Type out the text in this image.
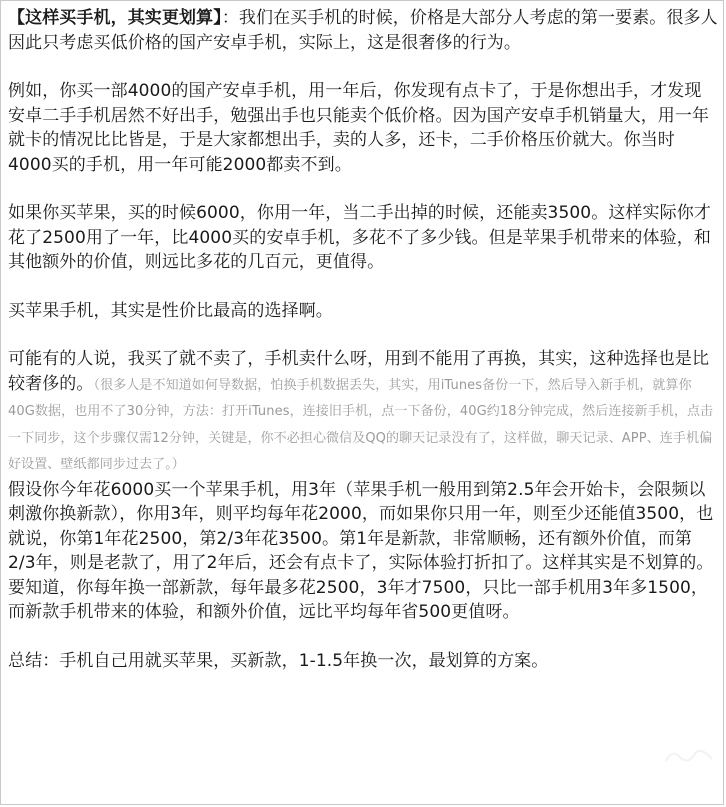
【这样买手机，其实更划算】：我们在买手机的时候，价格是大部分人考虑的第一要素。很多人因此只考虑买低价格的国产安卓手机，实际上，这是很奢侈的行为。

例如，你买一部4000的国产安卓手机，用一年后，你发现有点卡了，于是你想出手，才发现安卓二手手机居然不好出手，勉强出手也只能卖个低价格。因为国产安卓手机销量大，用一年就卡的情况比比皆是，于是大家都想出手，卖的人多，还卡，二手价格压价就大。你当时4000买的手机，用一年可能2000都卖不到。

如果你买苹果，买的时候6000，你用一年，当二手出掉的时候，还能卖3500。这样实际你才花了2500用了一年，比4000买的安卓手机，多花不了多少钱。但是苹果手机带来的体验，和其他额外的价值，则远比多花的几百元，更值得。

买苹果手机，其实是性价比最高的选择啊。

可能有的人说，我买了就不卖了，手机卖什么呀，用到不能用了再换，其实，这种选择也是比较奢侈的。（很多人是不知道如何导数据，怕换手机数据丢失，其实，用iTunes备份一下，然后导入新手机，就算你40G数据，也用不了30分钟，方法：打开iTunes，连接旧手机，点一下备份，40G约18分钟完成，然后连接新手机，点击一下同步，这个步骤仅需12分钟，关键是，你不必担心微信及QQ的聊天记录没有了，这样做，聊天记录、APP、连手机偏好设置、壁纸都同步过去了。）

假设你今年花6000买一个苹果手机，用3年（苹果手机一般用到第2.5年会开始卡，会限频以刺激你换新款），你用3年，则平均每年花2000，而如果你只用一年，则至少还能值3500，也就说，你第1年花2500，第2/3年花3500。第1年是新款，非常顺畅，还有额外价值，而第2/3年，则是老款了，用了2年后，还会有点卡了，实际体验打折扣了。这样其实是不划算的。要知道，你每年换一部新款，每年最多花2500，3年才7500，只比一部手机用3年多1500，而新款手机带来的体验，和额外价值，远比平均每年省500更值呀。

总结：手机自己用就买苹果，买新款，1-1.5年换一次，最划算的方案。
